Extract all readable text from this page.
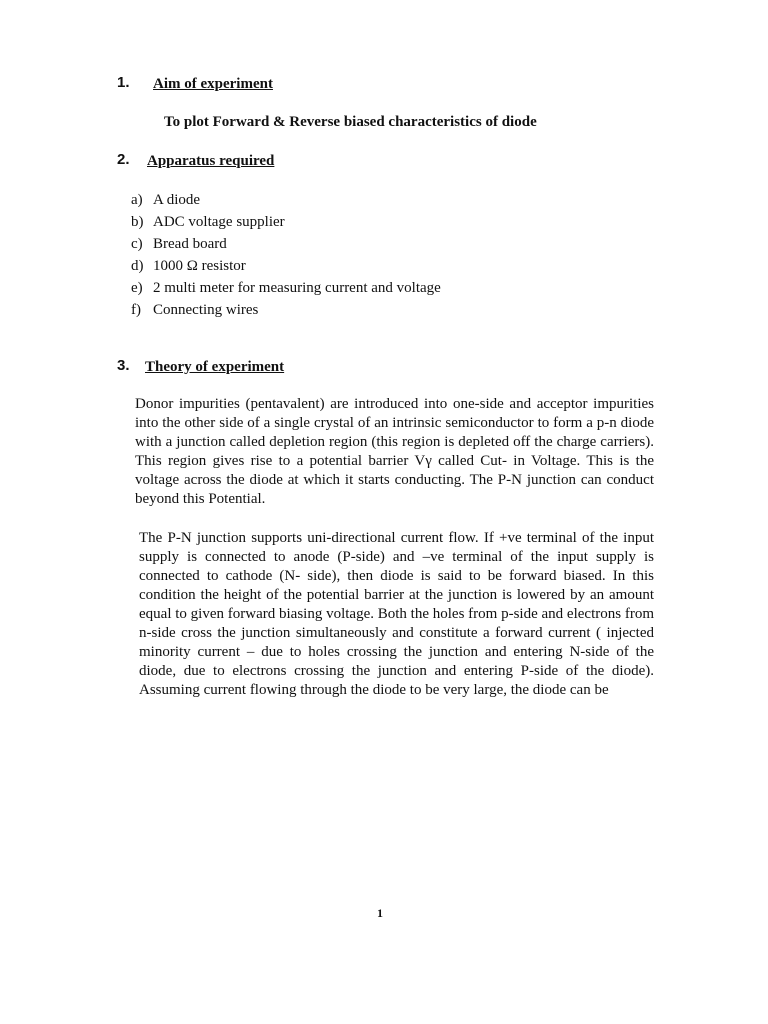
1. Aim of experiment
To plot Forward & Reverse biased characteristics of diode
2. Apparatus required
a) A diode
b) ADC voltage supplier
c) Bread board
d) 1000 Ω resistor
e) 2 multi meter for measuring current and voltage
f) Connecting wires
3. Theory of experiment

Donor impurities (pentavalent) are introduced into one-side and acceptor impurities into the other side of a single crystal of an intrinsic semiconductor to form a p-n diode with a junction called depletion region (this region is depleted off the charge carriers). This region gives rise to a potential barrier Vγ called Cut- in Voltage. This is the voltage across the diode at which it starts conducting. The P-N junction can conduct beyond this Potential.

The P-N junction supports uni-directional current flow. If +ve terminal of the input supply is connected to anode (P-side) and –ve terminal of the input supply is connected to cathode (N- side), then diode is said to be forward biased. In this condition the height of the potential barrier at the junction is lowered by an amount equal to given forward biasing voltage. Both the holes from p-side and electrons from n-side cross the junction simultaneously and constitute a forward current ( injected minority current – due to holes crossing the junction and entering N-side of the diode, due to electrons crossing the junction and entering P-side of the diode). Assuming current flowing through the diode to be very large, the diode can be

1
